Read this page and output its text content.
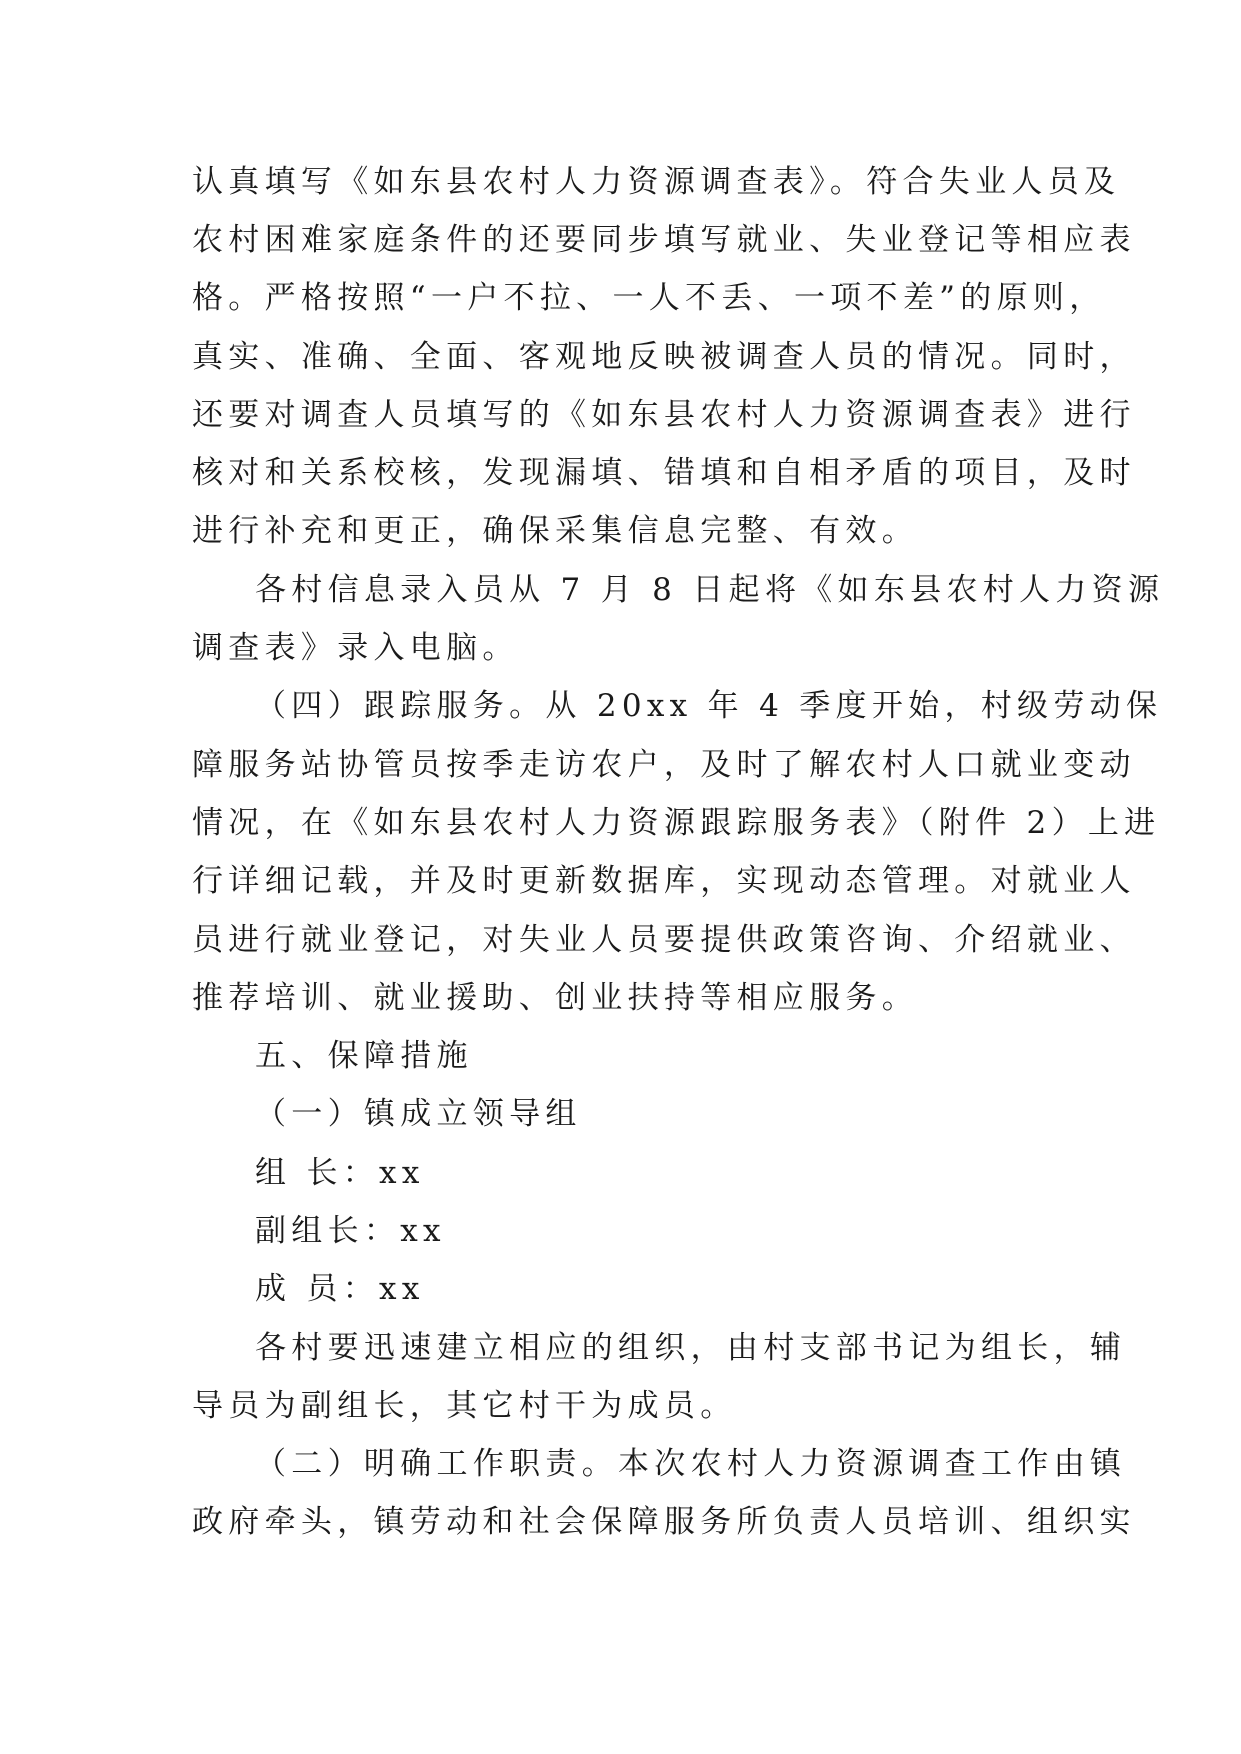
认真填写《如东县农村人力资源调查表》。符合失业人员及
农村困难家庭条件的还要同步填写就业、失业登记等相应表
格。严格按照“一户不拉、一人不丢、一项不差”的原则，
真实、准确、全面、客观地反映被调查人员的情况。同时，
还要对调查人员填写的《如东县农村人力资源调查表》进行
核对和关系校核，发现漏填、错填和自相矛盾的项目，及时
进行补充和更正，确保采集信息完整、有效。
各村信息录入员从 7 月 8 日起将《如东县农村人力资源
调查表》录入电脑。
（四）跟踪服务。从 20xx 年 4 季度开始，村级劳动保
障服务站协管员按季走访农户，及时了解农村人口就业变动
情况，在《如东县农村人力资源跟踪服务表》（附件 2）上进
行详细记载，并及时更新数据库，实现动态管理。对就业人
员进行就业登记，对失业人员要提供政策咨询、介绍就业、
推荐培训、就业援助、创业扶持等相应服务。
五、保障措施
（一）镇成立领导组
组 长：xx
副组长：xx
成 员：xx
各村要迅速建立相应的组织，由村支部书记为组长，辅
导员为副组长，其它村干为成员。
（二）明确工作职责。本次农村人力资源调查工作由镇
政府牵头，镇劳动和社会保障服务所负责人员培训、组织实
